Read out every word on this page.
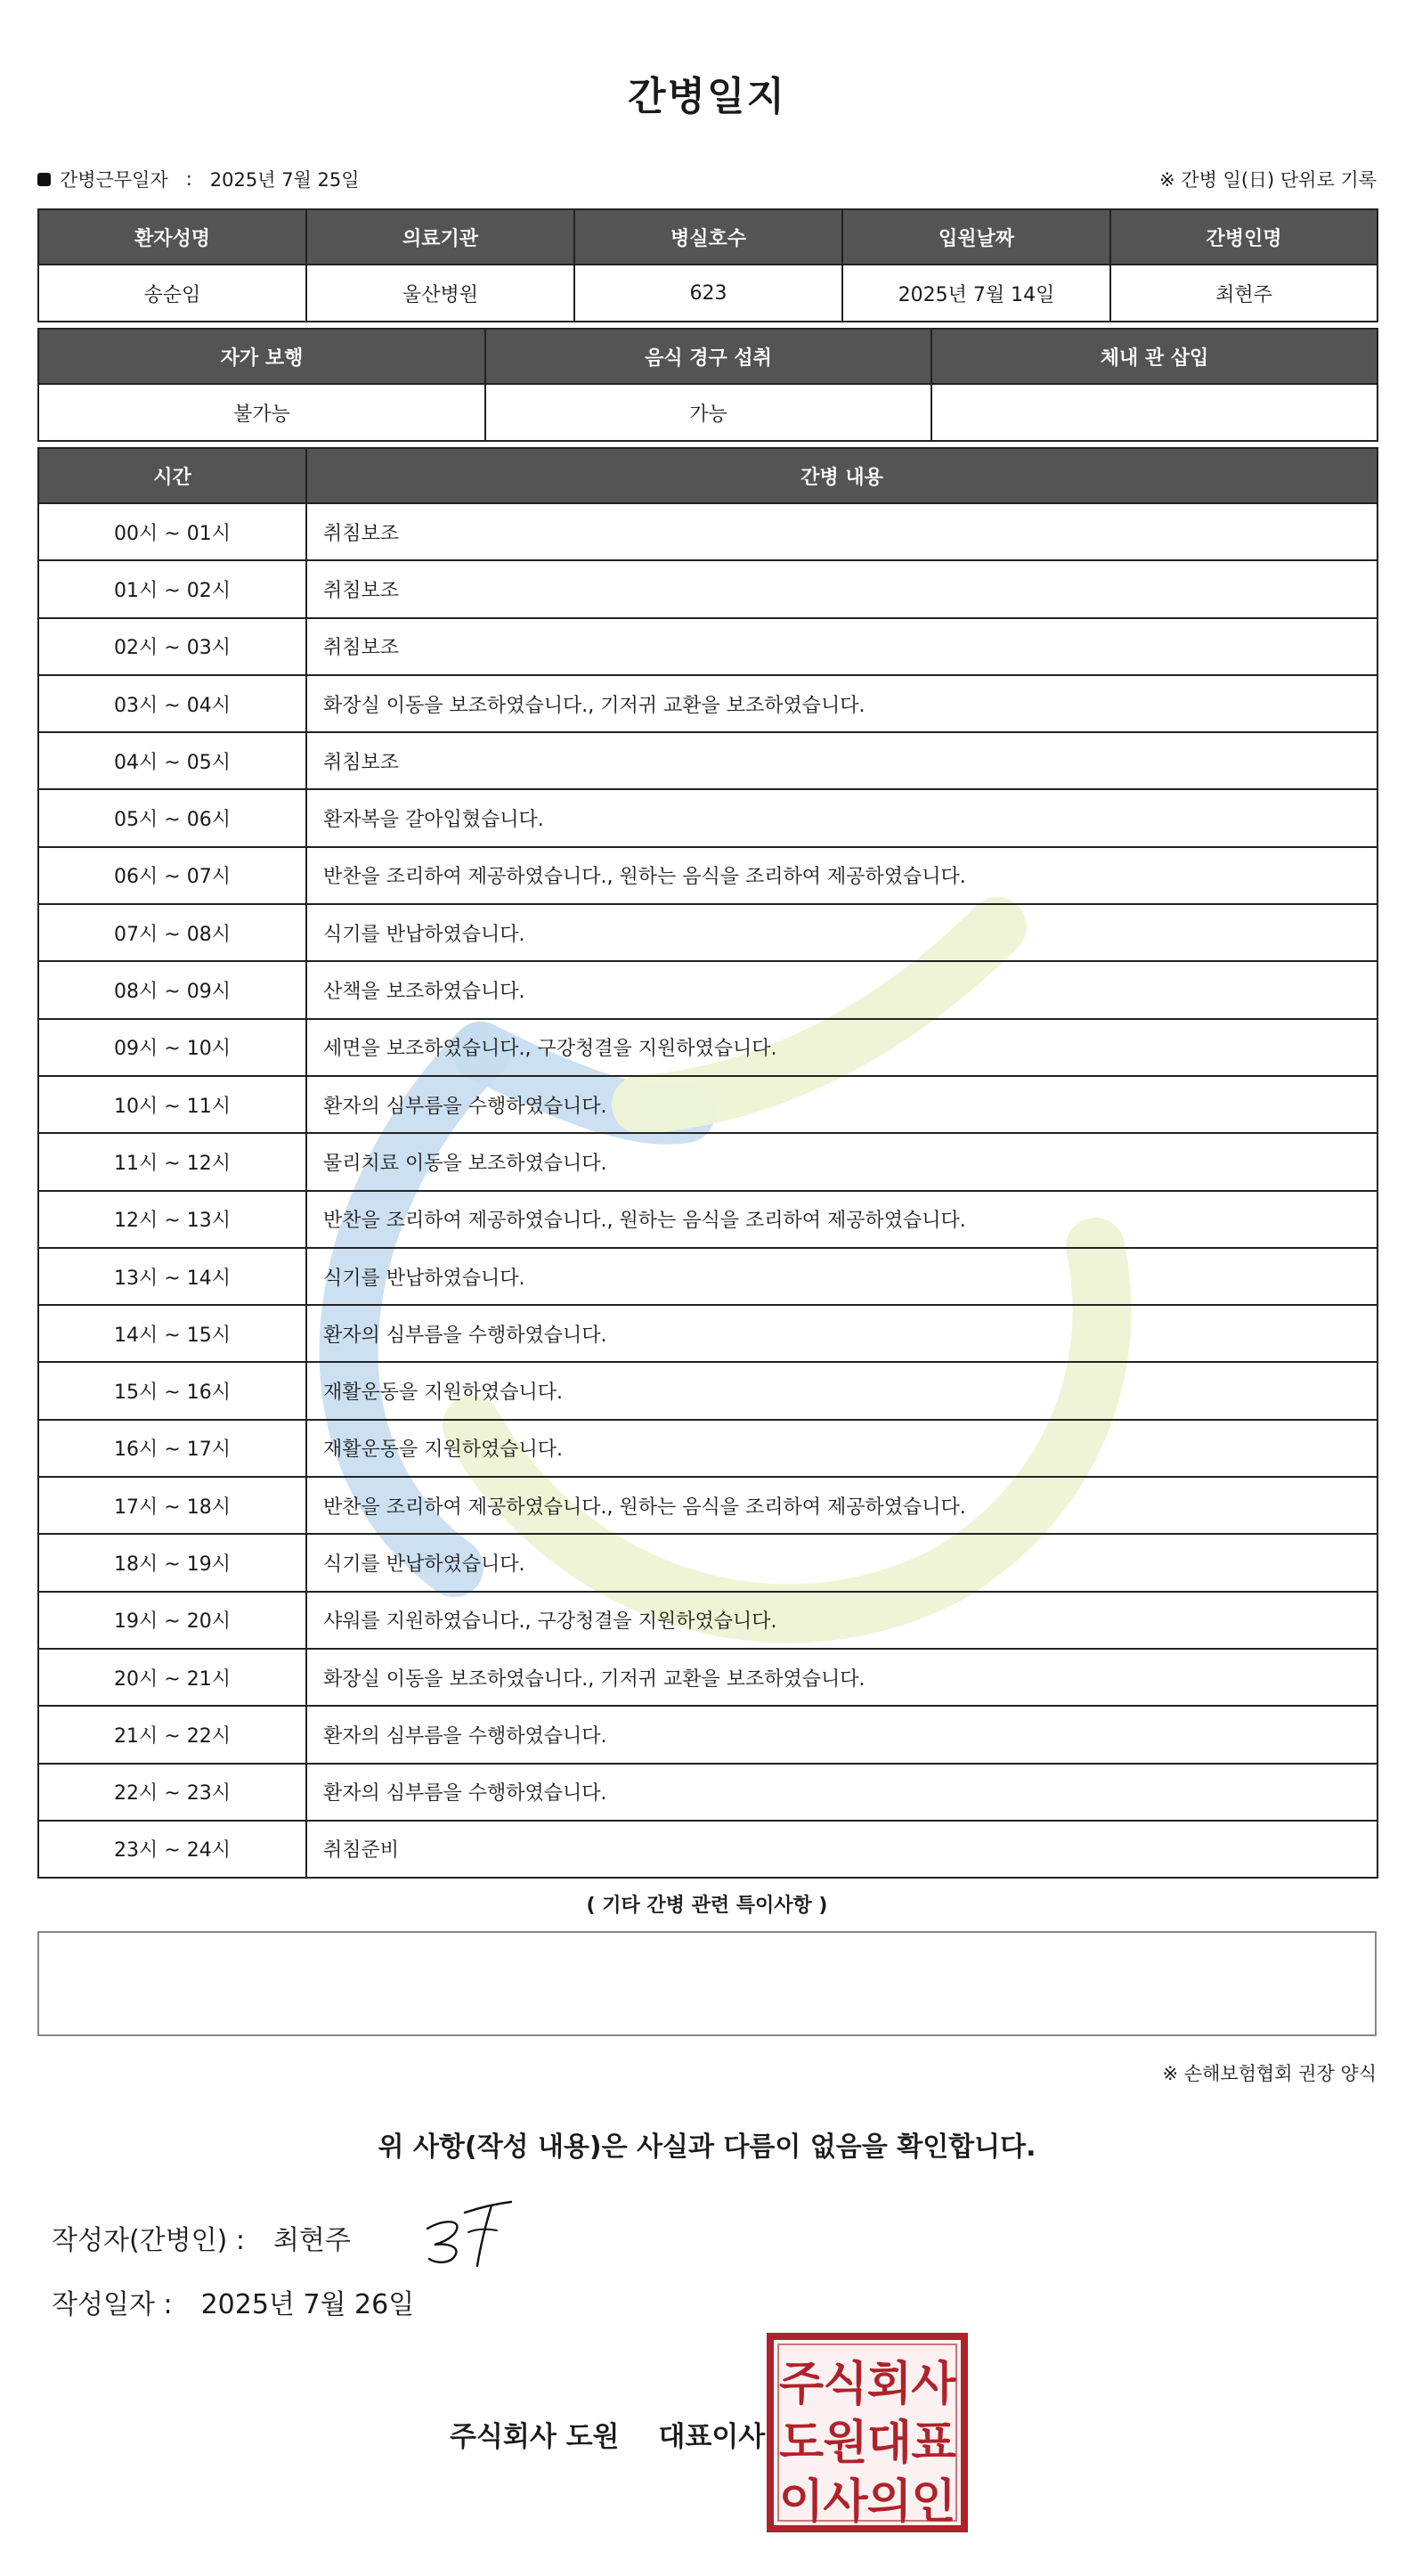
간병일지
간병근무일자 : 2025년 7월 25일	※ 간병 일(日) 단위로 기록
환자성명	의료기관	병실호수	입원날짜	간병인명
송순임	울산병원	623	2025년 7월 14일	최현주
자가 보행	음식 경구 섭취	체내 관 삽입
불가능	가능	
시간	간병 내용
00시 ~ 01시	취침보조
01시 ~ 02시	취침보조
02시 ~ 03시	취침보조
03시 ~ 04시	화장실 이동을 보조하였습니다., 기저귀 교환을 보조하였습니다.
04시 ~ 05시	취침보조
05시 ~ 06시	환자복을 갈아입혔습니다.
06시 ~ 07시	반찬을 조리하여 제공하였습니다., 원하는 음식을 조리하여 제공하였습니다.
07시 ~ 08시	식기를 반납하였습니다.
08시 ~ 09시	산책을 보조하였습니다.
09시 ~ 10시	세면을 보조하였습니다., 구강청결을 지원하였습니다.
10시 ~ 11시	환자의 심부름을 수행하였습니다.
11시 ~ 12시	물리치료 이동을 보조하였습니다.
12시 ~ 13시	반찬을 조리하여 제공하였습니다., 원하는 음식을 조리하여 제공하였습니다.
13시 ~ 14시	식기를 반납하였습니다.
14시 ~ 15시	환자의 심부름을 수행하였습니다.
15시 ~ 16시	재활운동을 지원하였습니다.
16시 ~ 17시	재활운동을 지원하였습니다.
17시 ~ 18시	반찬을 조리하여 제공하였습니다., 원하는 음식을 조리하여 제공하였습니다.
18시 ~ 19시	식기를 반납하였습니다.
19시 ~ 20시	샤워를 지원하였습니다., 구강청결을 지원하였습니다.
20시 ~ 21시	화장실 이동을 보조하였습니다., 기저귀 교환을 보조하였습니다.
21시 ~ 22시	환자의 심부름을 수행하였습니다.
22시 ~ 23시	환자의 심부름을 수행하였습니다.
23시 ~ 24시	취침준비
( 기타 간병 관련 특이사항 )
※ 손해보험협회 권장 양식
위 사항(작성 내용)은 사실과 다름이 없음을 확인합니다.
작성자(간병인) : 최현주
작성일자 : 2025년 7월 26일
주식회사 도원 대표이사
주 식 회 사
도 원 대 표
이 사 의 인
